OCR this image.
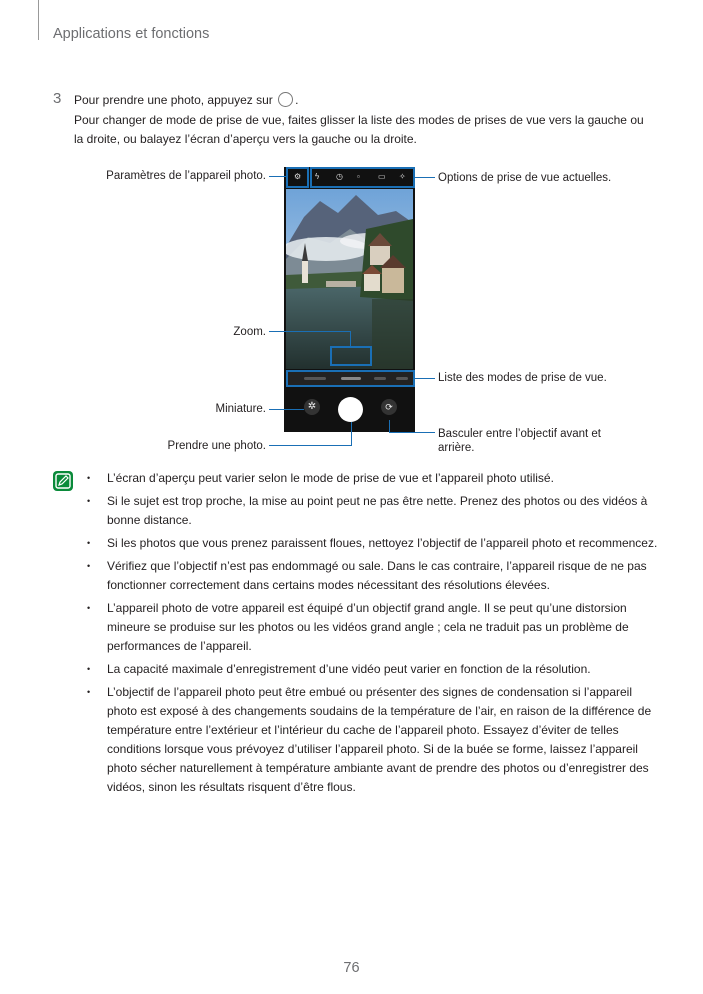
Applications et fonctions
3 Pour prendre une photo, appuyez sur .
Pour changer de mode de prise de vue, faites glisser la liste des modes de prises de vue vers la gauche ou la droite, ou balayez l’écran d’aperçu vers la gauche ou la droite.
⚙ ϟ ◷ ▫ ▭ ✧
✲	⟳
Paramètres de l’appareil photo.	Options de prise de vue actuelles.
Zoom.
Liste des modes de prise de vue.
Miniature.
Prendre une photo.
Basculer entre l’objectif avant et
arrière.
• L’écran d’aperçu peut varier selon le mode de prise de vue et l’appareil photo utilisé.
• Si le sujet est trop proche, la mise au point peut ne pas être nette. Prenez des photos ou des vidéos à bonne distance.
• Si les photos que vous prenez paraissent floues, nettoyez l’objectif de l’appareil photo et recommencez.
• Vérifiez que l’objectif n’est pas endommagé ou sale. Dans le cas contraire, l’appareil risque de ne pas fonctionner correctement dans certains modes nécessitant des résolutions élevées.
• L’appareil photo de votre appareil est équipé d’un objectif grand angle. Il se peut qu’une distorsion mineure se produise sur les photos ou les vidéos grand angle ; cela ne traduit pas un problème de performances de l’appareil.
• La capacité maximale d’enregistrement d’une vidéo peut varier en fonction de la résolution.
• L’objectif de l’appareil photo peut être embué ou présenter des signes de condensation si l’appareil photo est exposé à des changements soudains de la température de l’air, en raison de la différence de température entre l’extérieur et l’intérieur du cache de l’appareil photo. Essayez d’éviter de telles conditions lorsque vous prévoyez d’utiliser l’appareil photo. Si de la buée se forme, laissez l’appareil photo sécher naturellement à température ambiante avant de prendre des photos ou d’enregistrer des vidéos, sinon les résultats risquent d’être flous.
76
